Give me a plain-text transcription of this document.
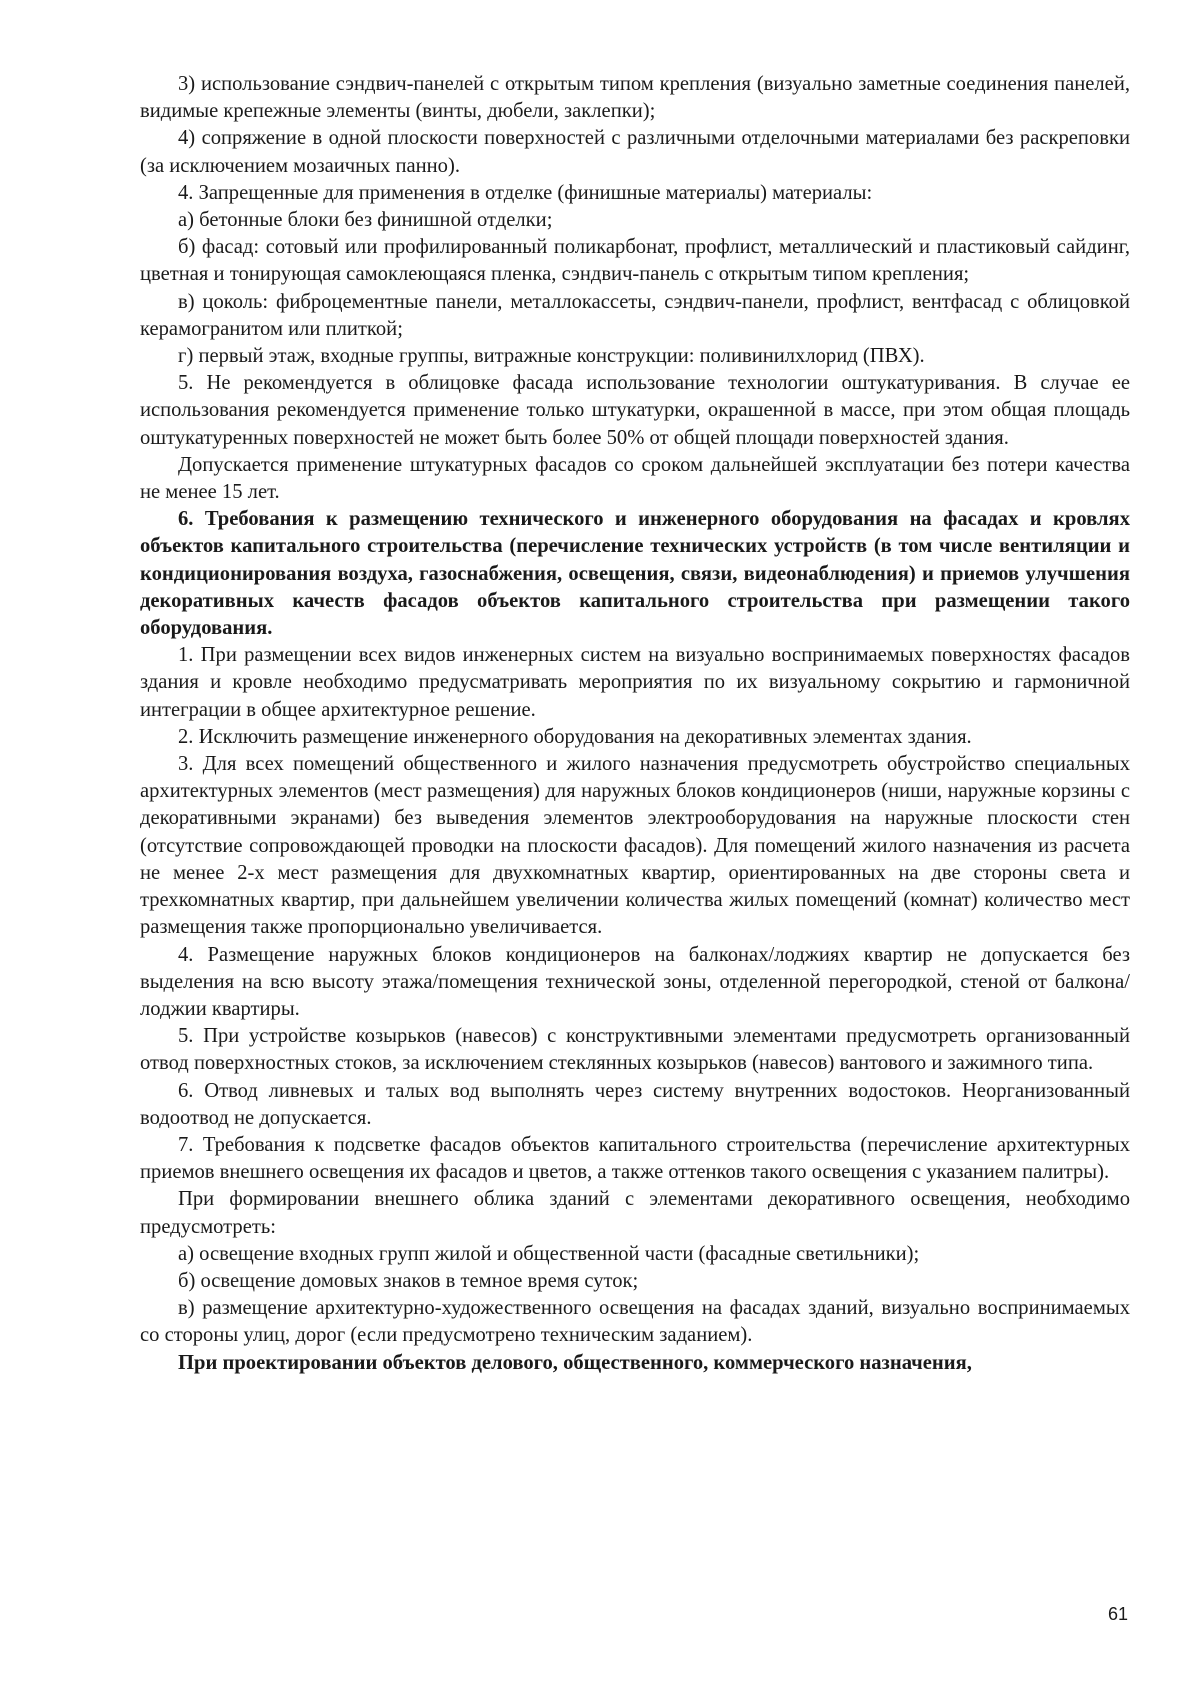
3) использование сэндвич-панелей с открытым типом крепления (визуально заметные соединения панелей, видимые крепежные элементы (винты, дюбели, заклепки);

4) сопряжение в одной плоскости поверхностей с различными отделочными материалами без раскреповки (за исключением мозаичных панно).

4. Запрещенные для применения в отделке (финишные материалы) материалы:

а) бетонные блоки без финишной отделки;

б) фасад: сотовый или профилированный поликарбонат, профлист, металлический и пластиковый сайдинг, цветная и тонирующая самоклеющаяся пленка, сэндвич-панель с открытым типом крепления;

в) цоколь: фиброцементные панели, металлокассеты, сэндвич-панели, профлист, вентфасад с облицовкой керамогранитом или плиткой;

г) первый этаж, входные группы, витражные конструкции: поливинилхлорид (ПВХ).

5. Не рекомендуется в облицовке фасада использование технологии оштукатуривания. В случае ее использования рекомендуется применение только штукатурки, окрашенной в массе, при этом общая площадь оштукатуренных поверхностей не может быть более 50% от общей площади поверхностей здания.

Допускается применение штукатурных фасадов со сроком дальнейшей эксплуатации без потери качества не менее 15 лет.

6. Требования к размещению технического и инженерного оборудования на фасадах и кровлях объектов капитального строительства (перечисление технических устройств (в том числе вентиляции и кондиционирования воздуха, газоснабжения, освещения, связи, видеонаблюдения) и приемов улучшения декоративных качеств фасадов объектов капитального строительства при размещении такого оборудования.

1. При размещении всех видов инженерных систем на визуально воспринимаемых поверхностях фасадов здания и кровле необходимо предусматривать мероприятия по их визуальному сокрытию и гармоничной интеграции в общее архитектурное решение.

2. Исключить размещение инженерного оборудования на декоративных элементах здания.

3. Для всех помещений общественного и жилого назначения предусмотреть обустройство специальных архитектурных элементов (мест размещения) для наружных блоков кондиционеров (ниши, наружные корзины с декоративными экранами) без выведения элементов электрооборудования на наружные плоскости стен (отсутствие сопровождающей проводки на плоскости фасадов). Для помещений жилого назначения из расчета не менее 2-х мест размещения для двухкомнатных квартир, ориентированных на две стороны света и трехкомнатных квартир, при дальнейшем увеличении количества жилых помещений (комнат) количество мест размещения также пропорционально увеличивается.

4. Размещение наружных блоков кондиционеров на балконах/лоджиях квартир не допускается без выделения на всю высоту этажа/помещения технической зоны, отделенной перегородкой, стеной от балкона/лоджии квартиры.

5. При устройстве козырьков (навесов) с конструктивными элементами предусмотреть организованный отвод поверхностных стоков, за исключением стеклянных козырьков (навесов) вантового и зажимного типа.

6. Отвод ливневых и талых вод выполнять через систему внутренних водостоков. Неорганизованный водоотвод не допускается.

7. Требования к подсветке фасадов объектов капитального строительства (перечисление архитектурных приемов внешнего освещения их фасадов и цветов, а также оттенков такого освещения с указанием палитры).

При формировании внешнего облика зданий с элементами декоративного освещения, необходимо предусмотреть:

а) освещение входных групп жилой и общественной части (фасадные светильники);

б) освещение домовых знаков в темное время суток;

в) размещение архитектурно-художественного освещения на фасадах зданий, визуально воспринимаемых со стороны улиц, дорог (если предусмотрено техническим заданием).

При проектировании объектов делового, общественного, коммерческого назначения,

61
